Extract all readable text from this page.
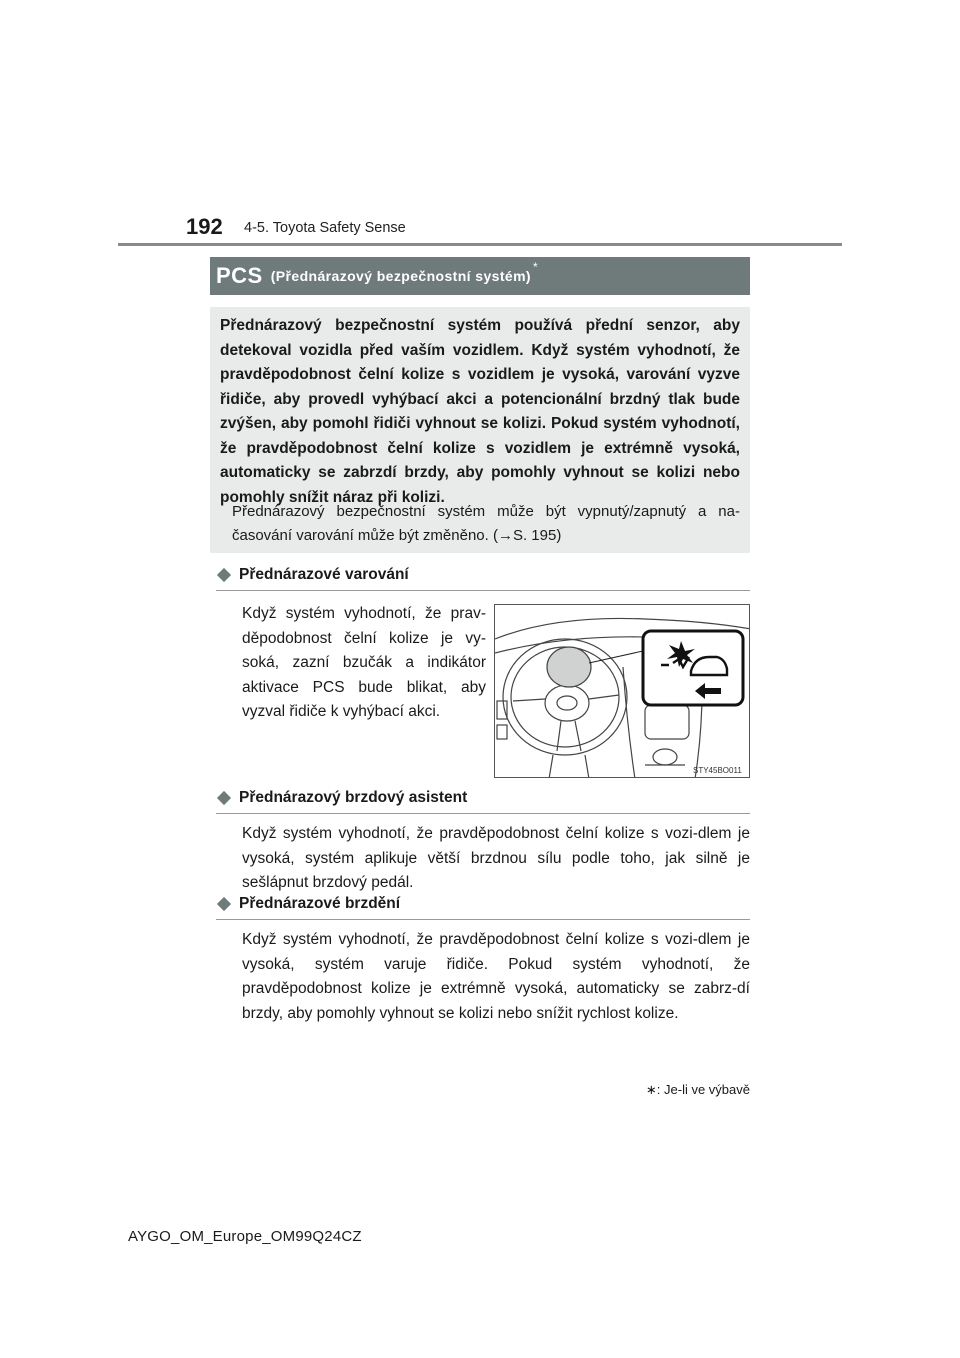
192 4-5. Toyota Safety Sense
PCS (Přednárazový bezpečnostní systém)
*
Přednárazový bezpečnostní systém používá přední senzor, aby detekoval vozidla před vaším vozidlem. Když systém vyhodnotí, že pravděpodobnost čelní kolize s vozidlem je vysoká, varování vyzve řidiče, aby provedl vyhýbací akci a potencionální brzdný tlak bude zvýšen, aby pomohl řidiči vyhnout se kolizi. Pokud systém vyhodnotí, že pravděpodobnost čelní kolize s vozidlem je extrémně vysoká, automaticky se zabrzdí brzdy, aby pomohly vyhnout se kolizi nebo pomohly snížit náraz při kolizi.
Přednárazový bezpečnostní systém může být vypnutý/zapnutý a na-časování varování může být změněno. (→S. 195)
Přednárazové varování
Když systém vyhodnotí, že prav-děpodobnost čelní kolize je vy-soká, zazní bzučák a indikátor aktivace PCS bude blikat, aby vyzval řidiče k vyhýbací akci.
STY45BO011
Přednárazový brzdový asistent
Když systém vyhodnotí, že pravděpodobnost čelní kolize s vozi-dlem je vysoká, systém aplikuje větší brzdnou sílu podle toho, jak silně je sešlápnut brzdový pedál.
Přednárazové brzdění
Když systém vyhodnotí, že pravděpodobnost čelní kolize s vozi-dlem je vysoká, systém varuje řidiče. Pokud systém vyhodnotí, že pravděpodobnost kolize je extrémně vysoká, automaticky se zabrz-dí brzdy, aby pomohly vyhnout se kolizi nebo snížit rychlost kolize.
∗: Je-li ve výbavě
AYGO_OM_Europe_OM99Q24CZ
